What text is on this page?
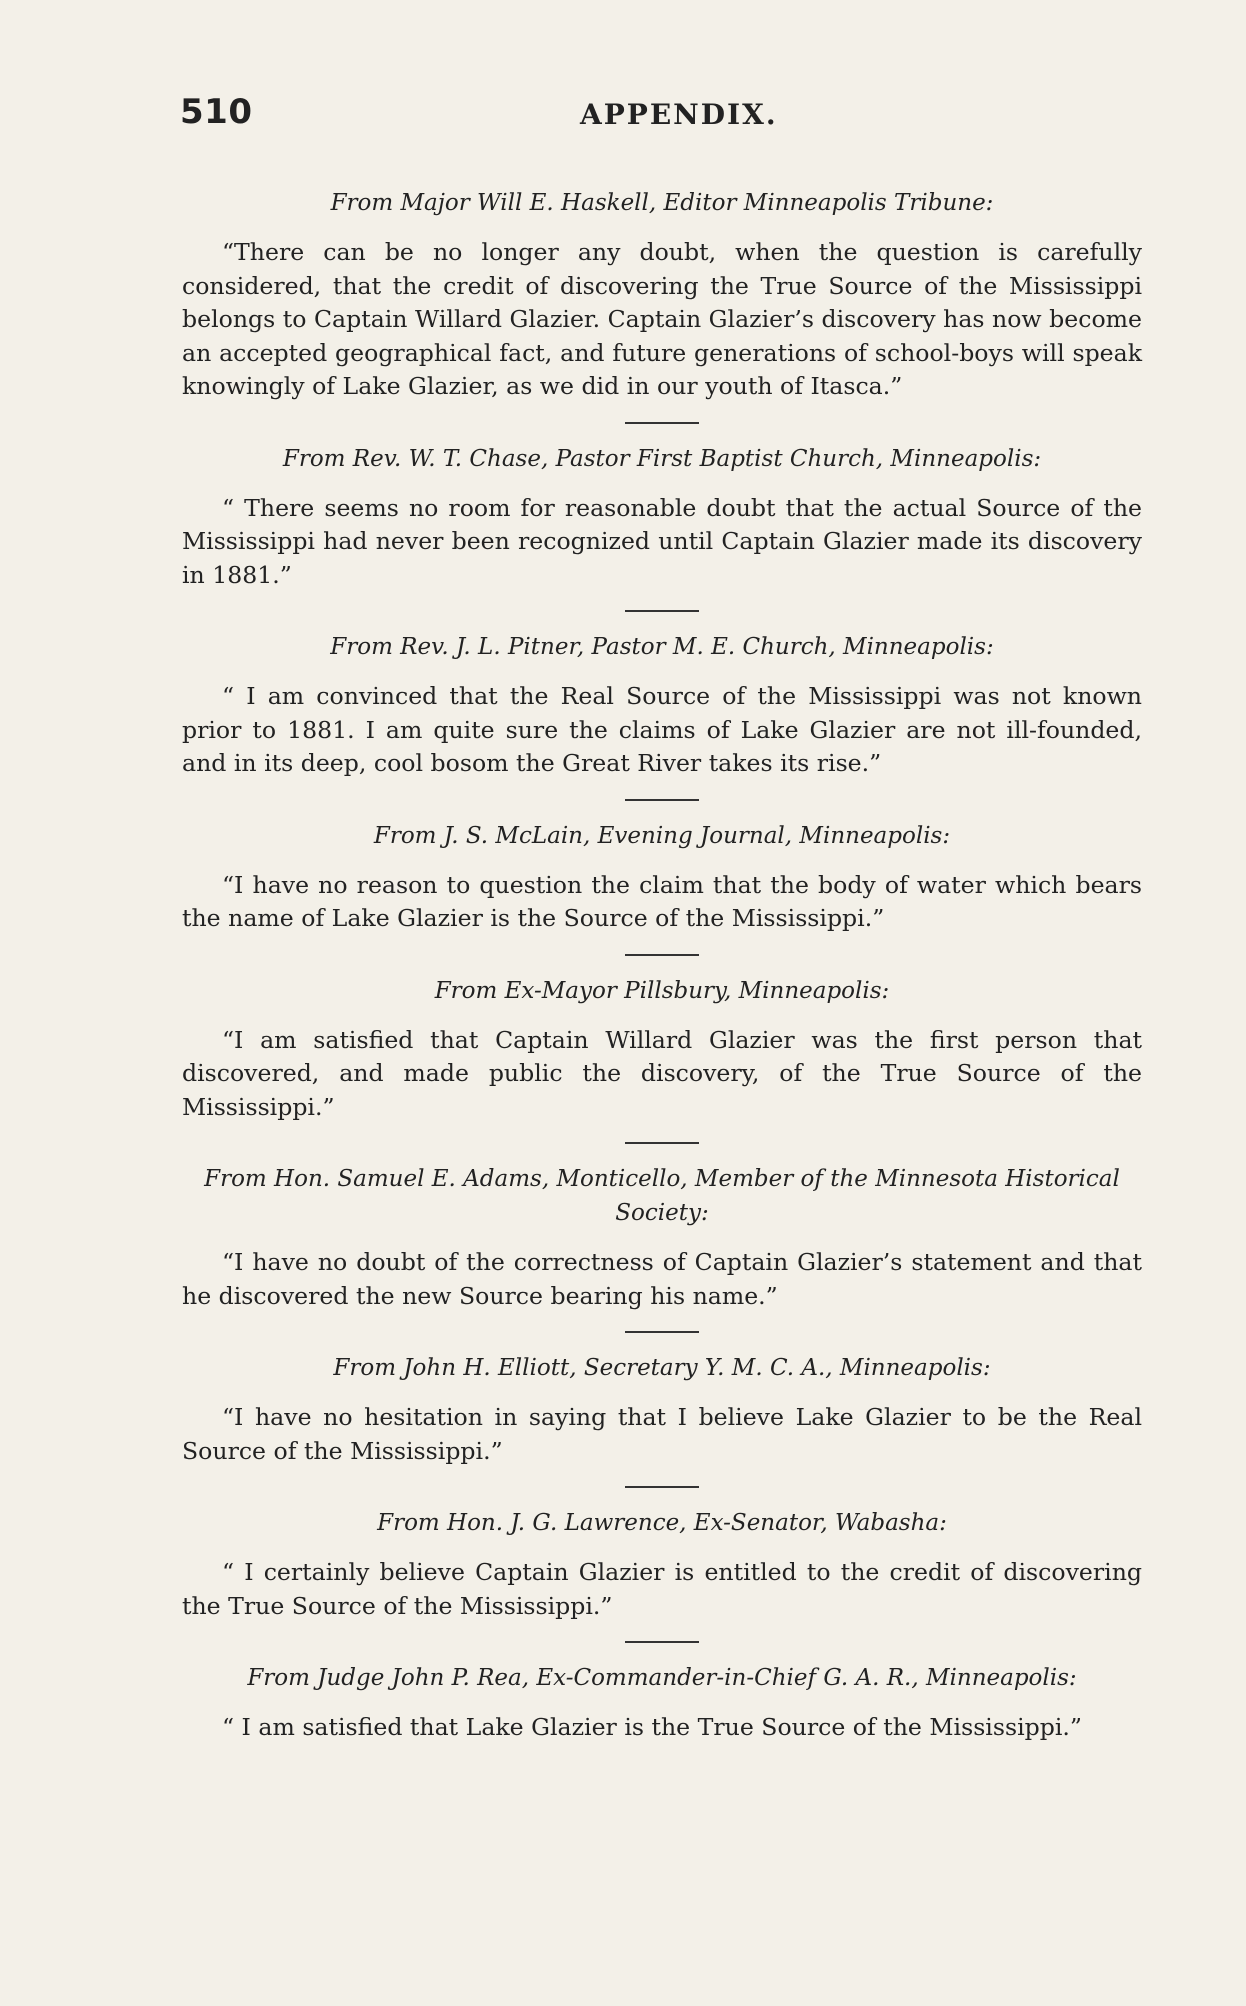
510	APPENDIX.

From Major Will E. Haskell, Editor Minneapolis Tribune:

“There can be no longer any doubt, when the question is carefully considered, that the credit of discovering the True Source of the Mississippi belongs to Captain Willard Glazier. Captain Glazier’s discovery has now become an accepted geographical fact, and future generations of school-boys will speak knowingly of Lake Glazier, as we did in our youth of Itasca.”

From Rev. W. T. Chase, Pastor First Baptist Church, Minneapolis:

“ There seems no room for reasonable doubt that the actual Source of the Mississippi had never been recognized until Captain Glazier made its discovery in 1881.”

From Rev. J. L. Pitner, Pastor M. E. Church, Minneapolis:

“ I am convinced that the Real Source of the Mississippi was not known prior to 1881. I am quite sure the claims of Lake Glazier are not ill-founded, and in its deep, cool bosom the Great River takes its rise.”

From J. S. McLain, Evening Journal, Minneapolis:

“I have no reason to question the claim that the body of water which bears the name of Lake Glazier is the Source of the Mississippi.”

From Ex-Mayor Pillsbury, Minneapolis:

“I am satisfied that Captain Willard Glazier was the first person that discovered, and made public the discovery, of the True Source of the Mississippi.”

From Hon. Samuel E. Adams, Monticello, Member of the Minnesota Historical Society:

“I have no doubt of the correctness of Captain Glazier’s statement and that he discovered the new Source bearing his name.”

From John H. Elliott, Secretary Y. M. C. A., Minneapolis:

“I have no hesitation in saying that I believe Lake Glazier to be the Real Source of the Mississippi.”

From Hon. J. G. Lawrence, Ex-Senator, Wabasha:

“ I certainly believe Captain Glazier is entitled to the credit of discovering the True Source of the Mississippi.”

From Judge John P. Rea, Ex-Commander-in-Chief G. A. R., Minneapolis:

“ I am satisfied that Lake Glazier is the True Source of the Mississippi.”
